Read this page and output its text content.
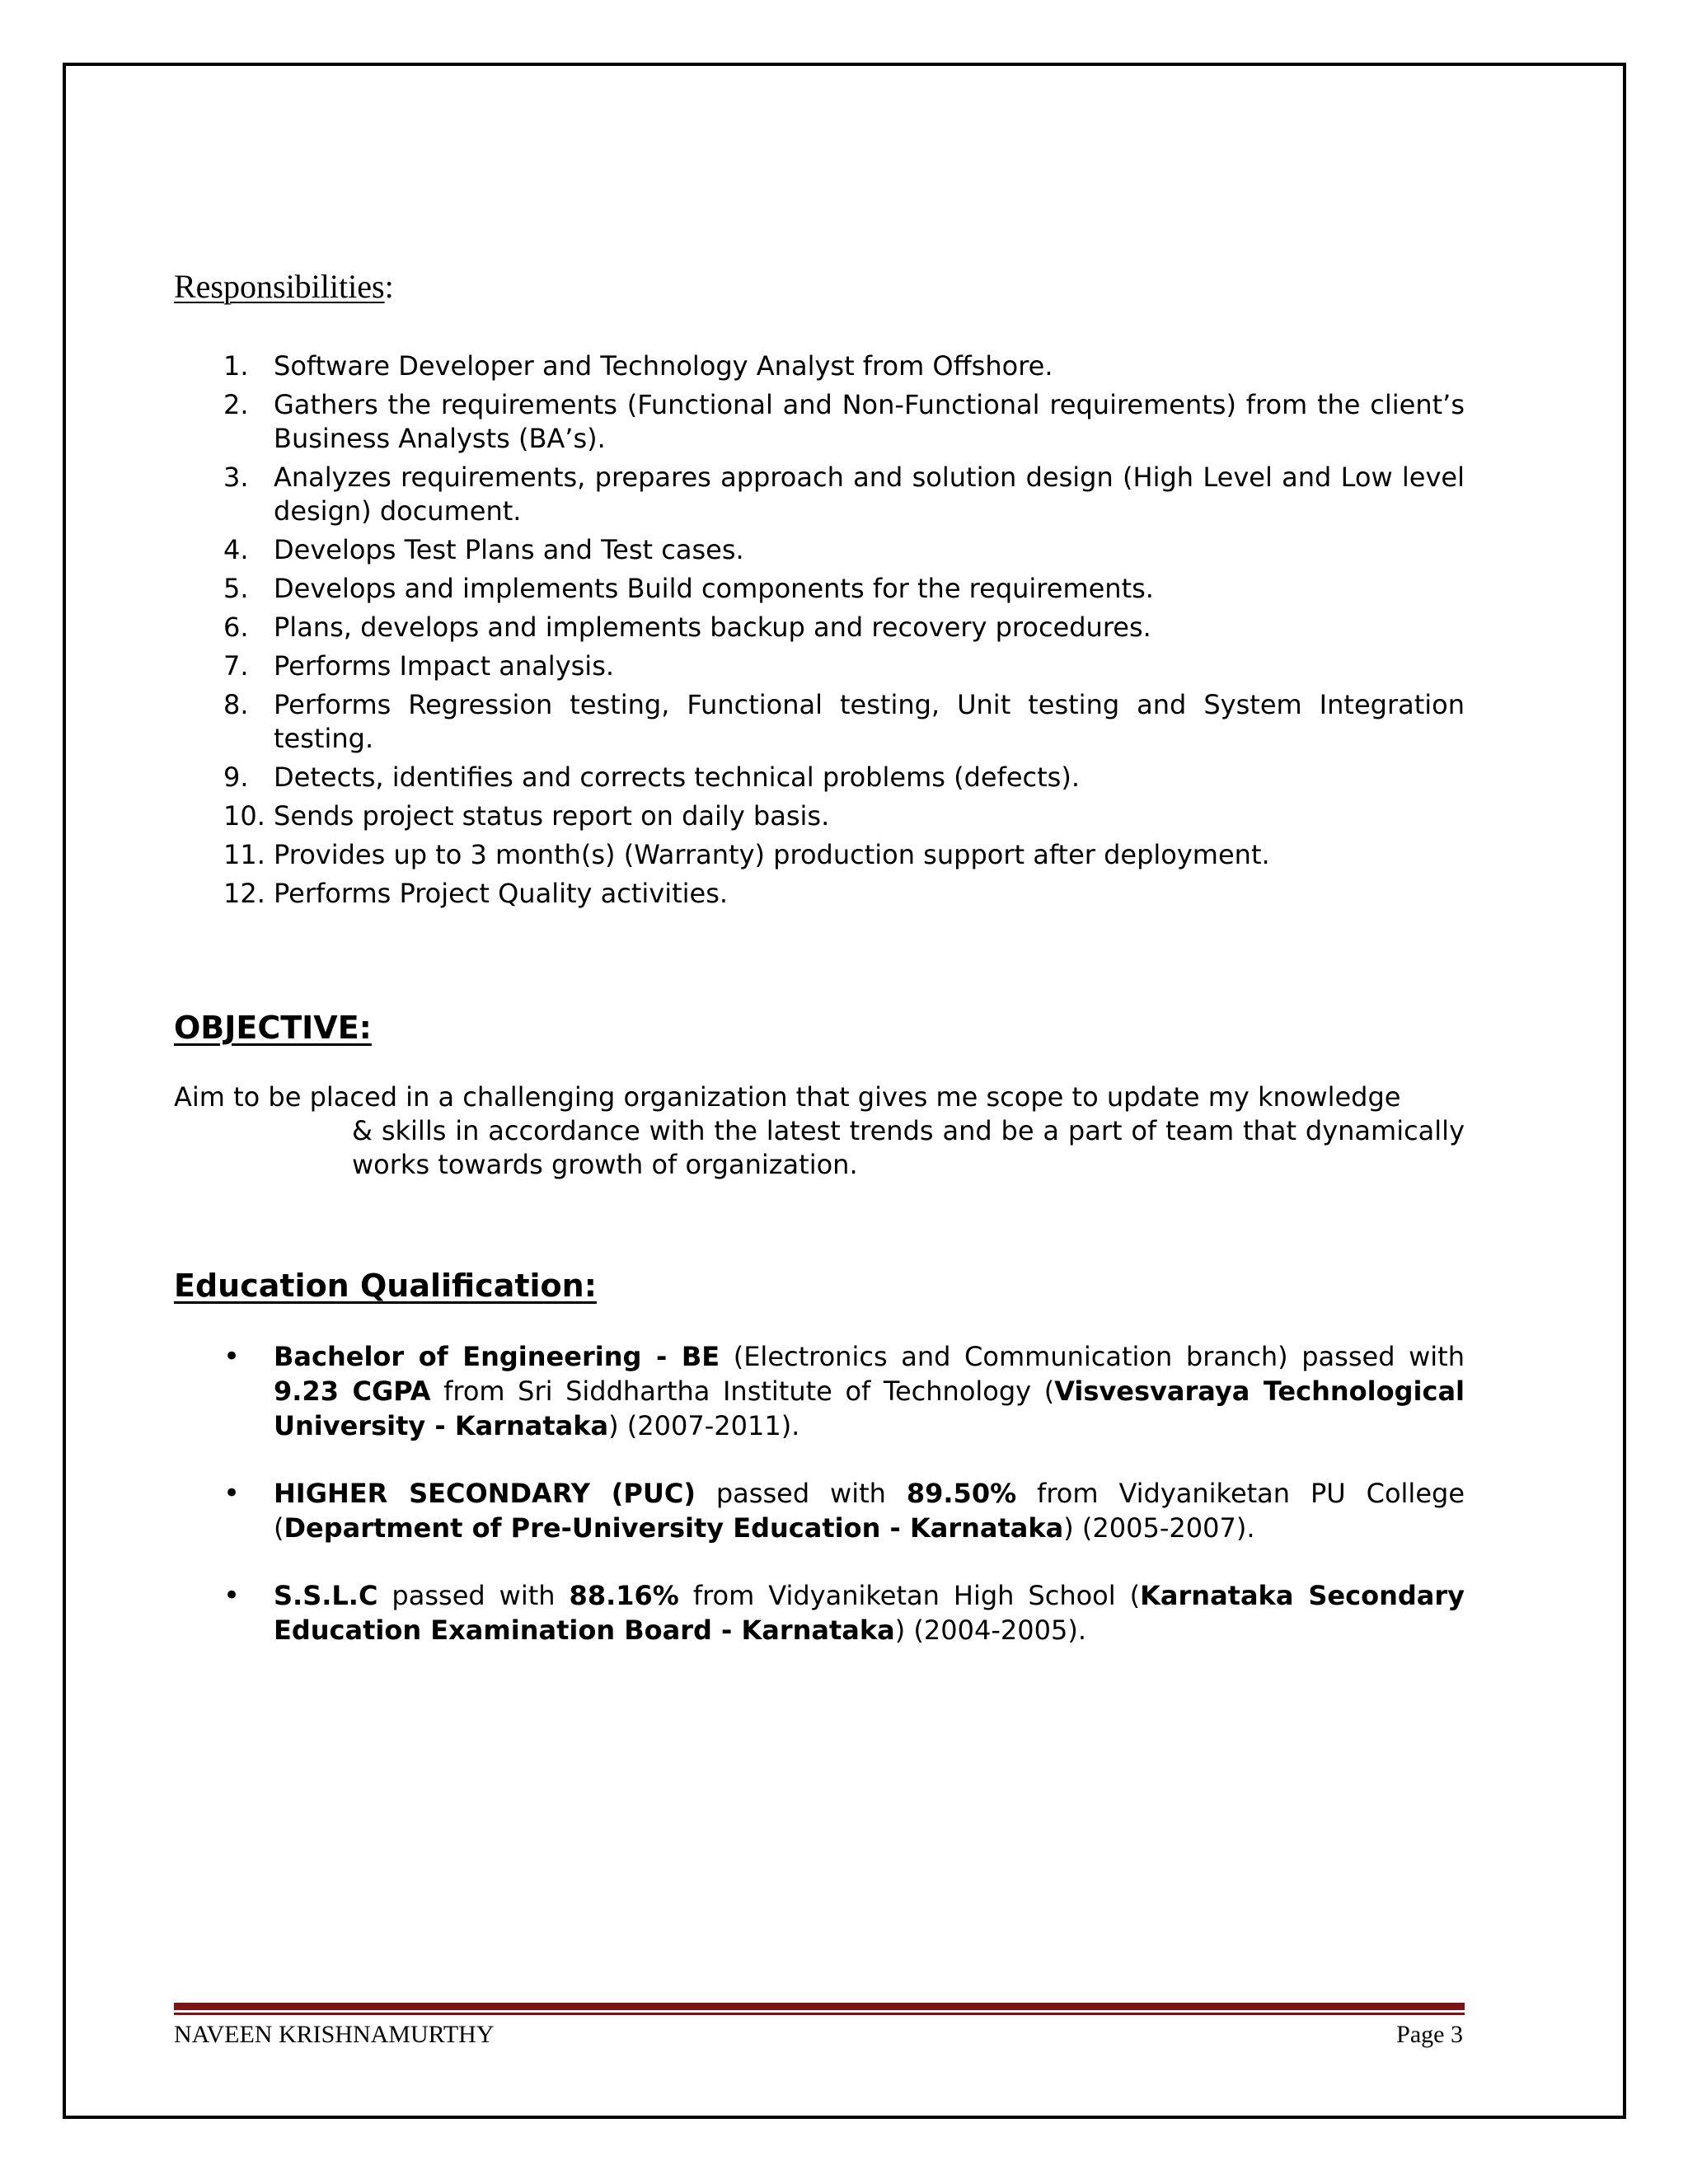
Responsibilities:

1. Software Developer and Technology Analyst from Offshore.
2. Gathers the requirements (Functional and Non-Functional requirements) from the client’s Business Analysts (BA’s).
3. Analyzes requirements, prepares approach and solution design (High Level and Low level design) document.
4. Develops Test Plans and Test cases.
5. Develops and implements Build components for the requirements.
6. Plans, develops and implements backup and recovery procedures.
7. Performs Impact analysis.
8. Performs Regression testing, Functional testing, Unit testing and System Integration testing.
9. Detects, identifies and corrects technical problems (defects).
10. Sends project status report on daily basis.
11. Provides up to 3 month(s) (Warranty) production support after deployment.
12. Performs Project Quality activities.

OBJECTIVE:

Aim to be placed in a challenging organization that gives me scope to update my knowledge
& skills in accordance with the latest trends and be a part of team that dynamically works towards growth of organization.

Education Qualification:

• Bachelor of Engineering - BE (Electronics and Communication branch) passed with 9.23 CGPA from Sri Siddhartha Institute of Technology (Visvesvaraya Technological University - Karnataka) (2007-2011).
• HIGHER SECONDARY (PUC) passed with 89.50% from Vidyaniketan PU College (Department of Pre-University Education - Karnataka) (2005-2007).
• S.S.L.C passed with 88.16% from Vidyaniketan High School (Karnataka Secondary Education Examination Board - Karnataka) (2004-2005).
NAVEEN KRISHNAMURTHY	Page 3
